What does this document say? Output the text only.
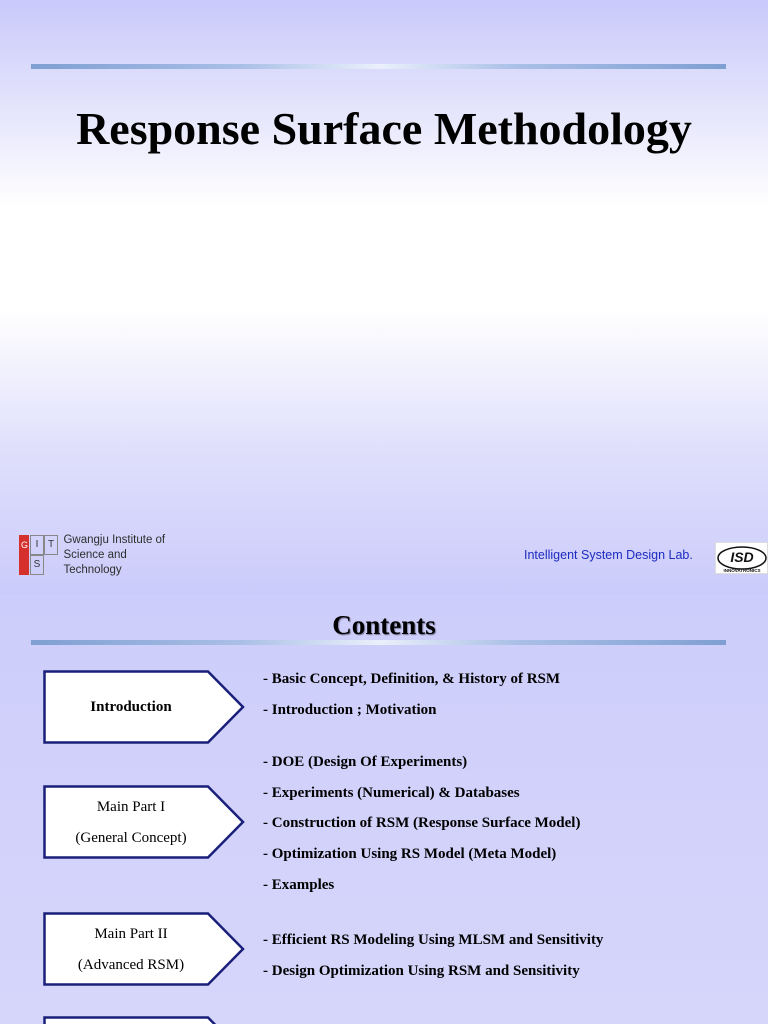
Response Surface Methodology
G I
S
T Gwangju Institute of
Science and Technology
Intelligent System Design Lab.	ISD
INNOVATRONICS
Contents
Introduction
- Basic Concept, Definition, & History of RSM
- Introduction ; Motivation
Main Part I
(General Concept)
- DOE (Design Of Experiments)
- Experiments (Numerical) & Databases
- Construction of RSM (Response Surface Model)
- Optimization Using RS Model (Meta Model)
- Examples
Main Part II
(Advanced RSM)
- Efficient RS Modeling Using MLSM and Sensitivity
- Design Optimization Using RSM and Sensitivity
